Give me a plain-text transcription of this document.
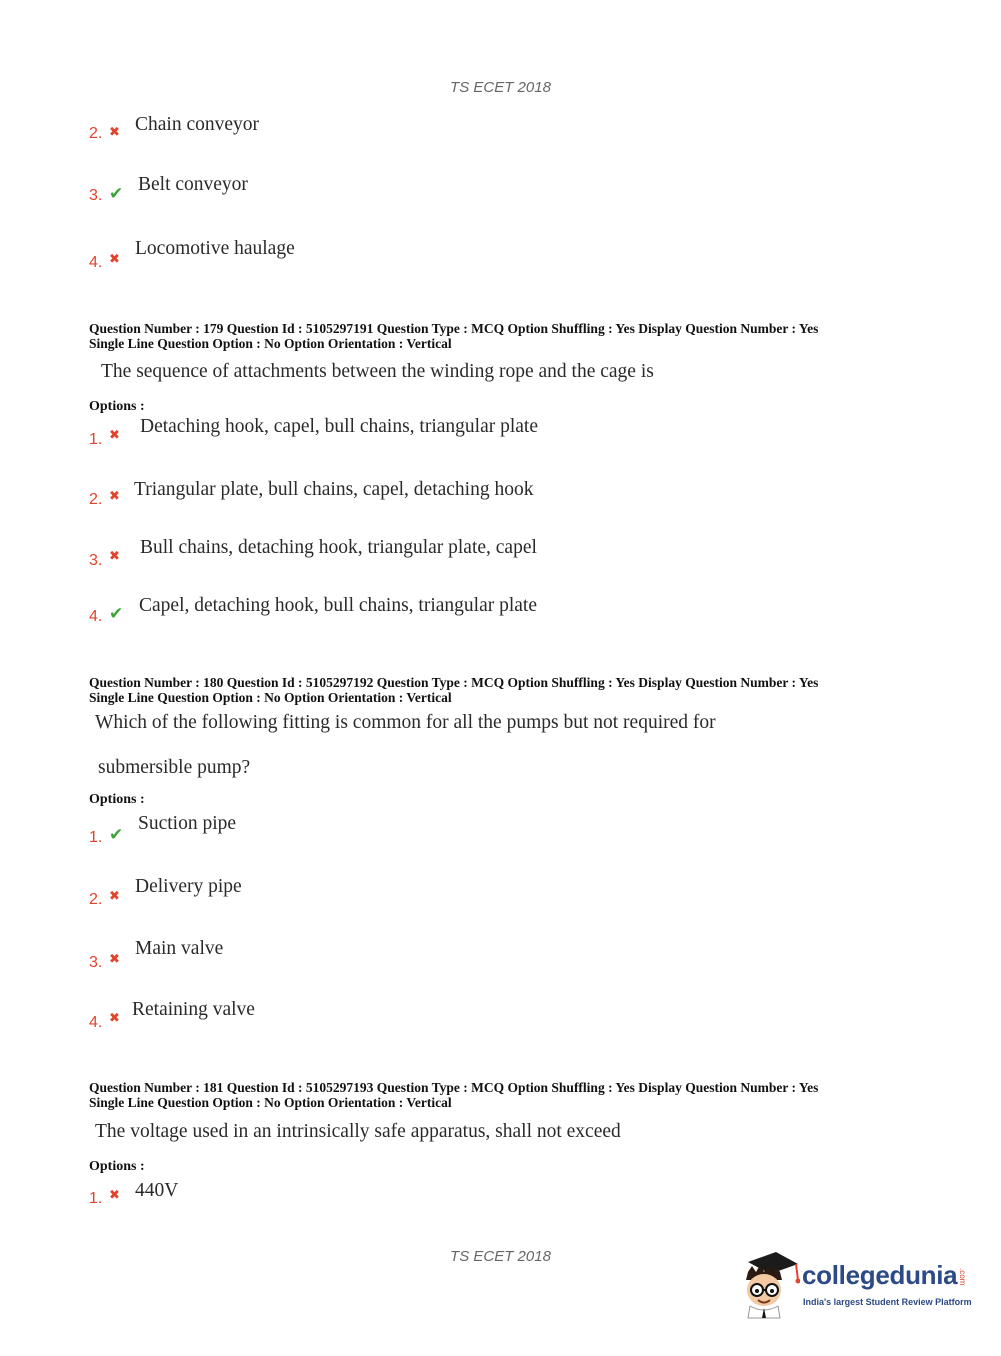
TS ECET 2018
2. ✖ Chain conveyor
3. ✔ Belt conveyor
4. ✖
Locomotive haulage
Question Number : 179 Question Id : 5105297191 Question Type : MCQ Option Shuffling : Yes Display Question Number : Yes
Single Line Question Option : No Option Orientation : Vertical
The sequence of attachments between the winding rope and the cage is
Options :
1. ✖ Detaching hook, capel, bull chains, triangular plate
2. ✖ Triangular plate, bull chains, capel, detaching hook
3. ✖ Bull chains, detaching hook, triangular plate, capel
4. ✔ Capel, detaching hook, bull chains, triangular plate
Question Number : 180 Question Id : 5105297192 Question Type : MCQ Option Shuffling : Yes Display Question Number : Yes
Single Line Question Option : No Option Orientation : Vertical
Which of the following fitting is common for all the pumps but not required for
submersible pump?
Options :
1. ✔
Suction pipe
2. ✖ Delivery pipe
3. ✖
Main valve
4. ✖ Retaining valve
Question Number : 181 Question Id : 5105297193 Question Type : MCQ Option Shuffling : Yes Display Question Number : Yes
Single Line Question Option : No Option Orientation : Vertical
The voltage used in an intrinsically safe apparatus, shall not exceed
Options :
1. ✖ 440V
TS ECET 2018
collegedunia .com
India's largest Student Review Platform
